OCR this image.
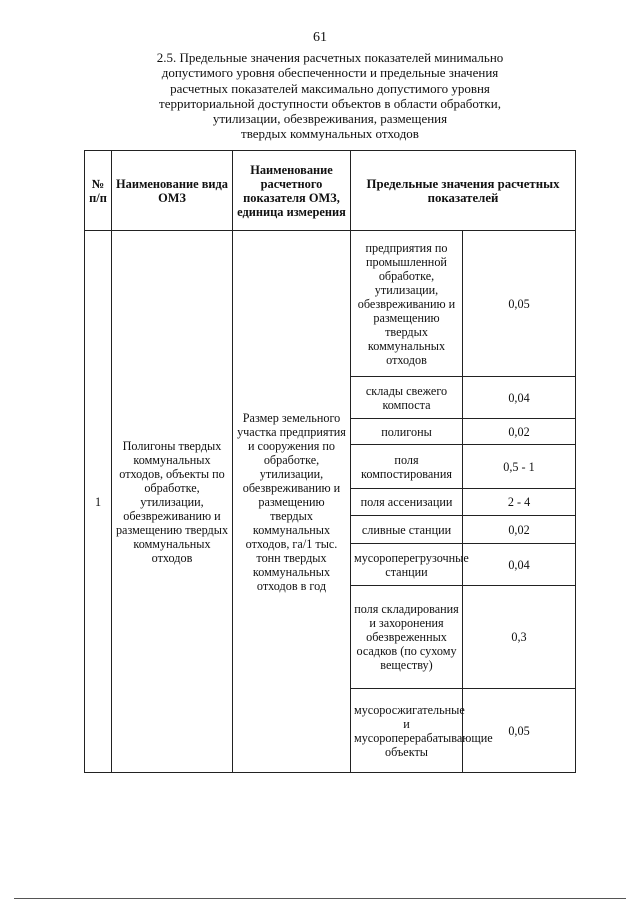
61
2.5. Предельные значения расчетных показателей минимально
допустимого уровня обеспеченности и предельные значения
расчетных показателей максимально допустимого уровня
территориальной доступности объектов в области обработки,
утилизации, обезвреживания, размещения
твердых коммунальных отходов
№ п/п	Наименование вида ОМЗ	Наименование расчетного показателя ОМЗ, единица измерения	Предельные значения расчетных показателей	
1	Полигоны твердых коммунальных отходов, объекты по обработке, утилизации, обезвреживанию и размещению твердых коммунальных отходов	Размер земельного участка предприятия и сооружения по обработке, утилизации, обезвреживанию и размещению твердых коммунальных отходов, га/1 тыс. тонн твердых коммунальных отходов в год	предприятия по промышленной обработке, утилизации, обезвреживанию и размещению твердых коммунальных отходов	0,05
			склады свежего компоста	0,04
			полигоны	0,02
			поля компостирования	0,5 - 1
			поля ассенизации	2 - 4
			сливные станции	0,02
			мусороперегрузочные станции	0,04
			поля складирования и захоронения обезвреженных осадков (по сухому веществу)	0,3
			мусоросжигательные и мусороперерабатывающие объекты	0,05
